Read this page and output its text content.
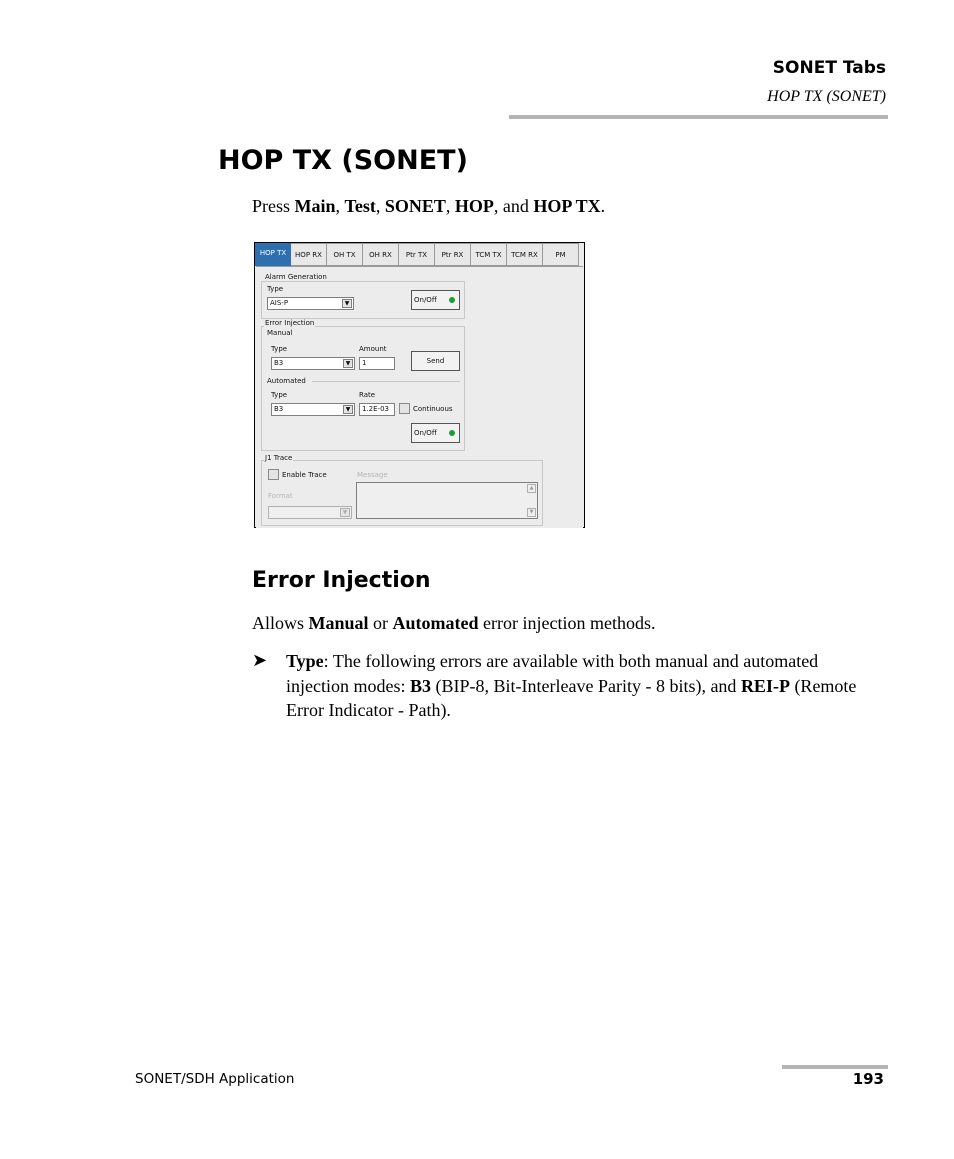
SONET Tabs
HOP TX (SONET)
HOP TX (SONET)
Press Main, Test, SONET, HOP, and HOP TX.
HOP TX	HOP RX	OH TX	OH RX	Ptr TX	Ptr RX	TCM TX	TCM RX	PM
Alarm Generation
Type
AIS-P	▼	On/Off
Error Injection
Manual
Type
B3	▼
Amount
1	Send
Automated
Type
B3	▼
Rate
1.2E-03	Continuous
On/Off
J1 Trace
Enable Trace	Message
▲
▼
Format
▼
Error Injection
Allows Manual or Automated error injection methods.
➤ Type: The following errors are available with both manual and automated injection modes: B3 (BIP-8, Bit-Interleave Parity - 8 bits), and REI-P (Remote Error Indicator - Path).

SONET/SDH Application	193
